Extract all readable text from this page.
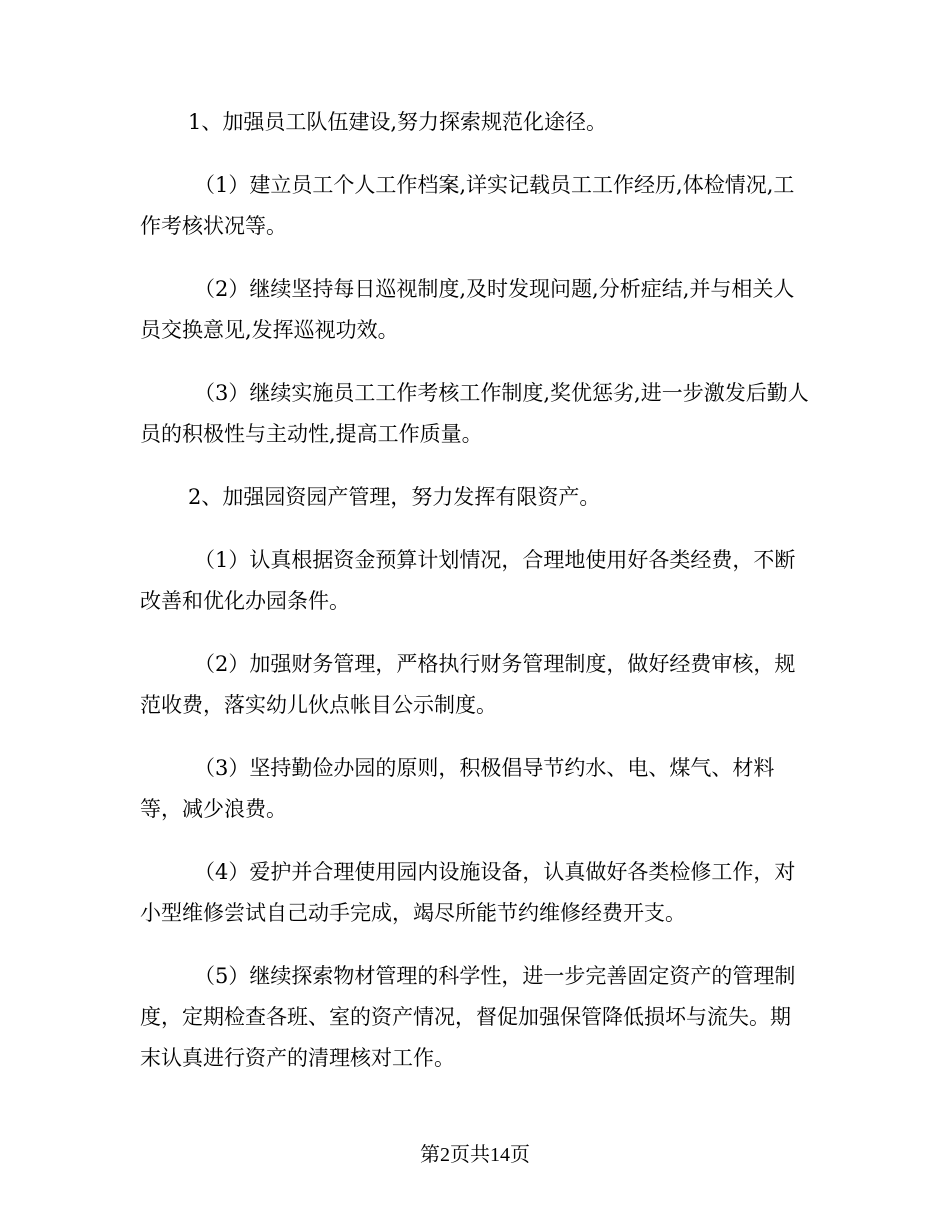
1、加强员工队伍建设,努力探索规范化途径。

（1）建立员工个人工作档案,详实记载员工工作经历,体检情况,工作考核状况等。

（2）继续坚持每日巡视制度,及时发现问题,分析症结,并与相关人员交换意见,发挥巡视功效。

（3）继续实施员工工作考核工作制度,奖优惩劣,进一步激发后勤人员的积极性与主动性,提高工作质量。

2、加强园资园产管理，努力发挥有限资产。

（1）认真根据资金预算计划情况，合理地使用好各类经费，不断改善和优化办园条件。

（2）加强财务管理，严格执行财务管理制度，做好经费审核，规范收费，落实幼儿伙点帐目公示制度。

（3）坚持勤俭办园的原则，积极倡导节约水、电、煤气、材料等，减少浪费。

（4）爱护并合理使用园内设施设备，认真做好各类检修工作，对小型维修尝试自己动手完成，竭尽所能节约维修经费开支。

（5）继续探索物材管理的科学性，进一步完善固定资产的管理制度，定期检查各班、室的资产情况，督促加强保管降低损坏与流失。期末认真进行资产的清理核对工作。

第2页共14页
